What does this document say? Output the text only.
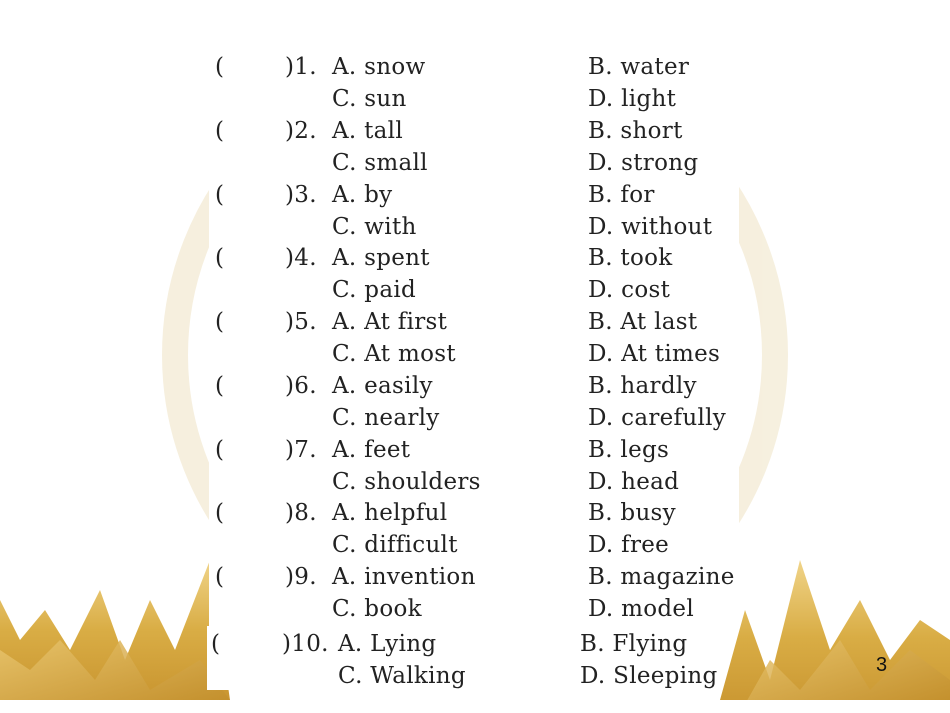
(	)1. A. snow	B. water
C. sun	D. light
(	)2. A. tall	B. short
C. small	D. strong
(	)3. A. by	B. for
C. with	D. without
(	)4. A. spent	B. took
C. paid	D. cost
(	)5. A. At first	B. At last
C. At most	D. At times
(	)6. A. easily	B. hardly
C. nearly	D. carefully
(	)7. A. feet	B. legs
C. shoulders	D. head
(	)8. A. helpful	B. busy
C. difficult	D. free
(	)9. A. invention	B. magazine
C. book	D. model
(	)10. A. Lying	B. Flying
C. Walking	D. Sleeping	3
